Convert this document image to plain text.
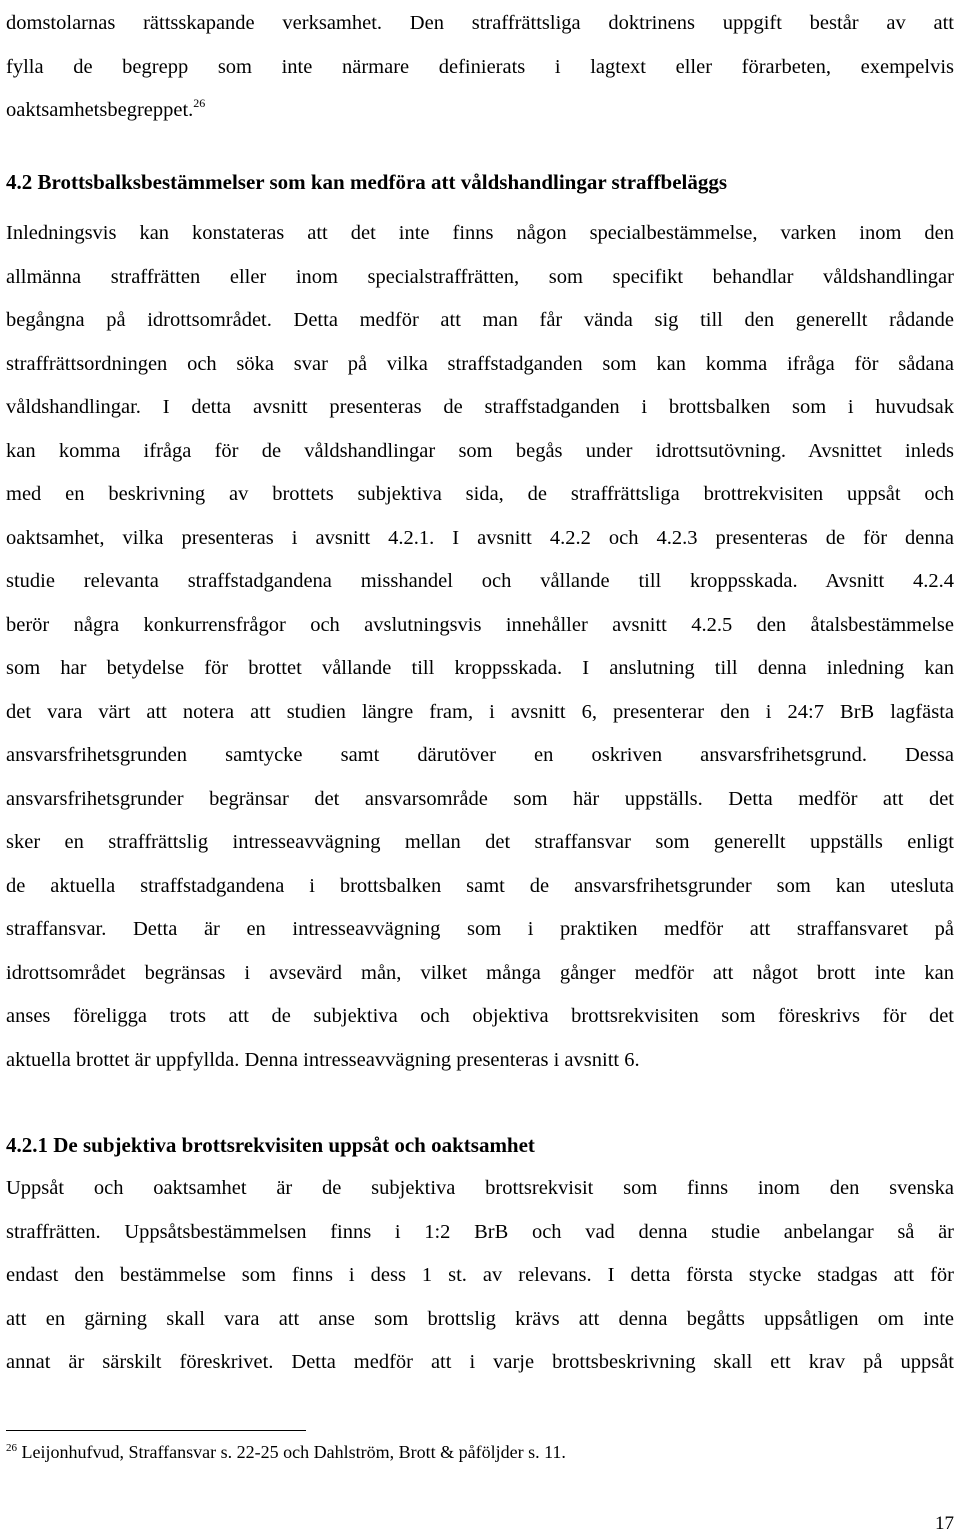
domstolarnas rättsskapande verksamhet. Den straffrättsliga doktrinens uppgift består av att
fylla de begrepp som inte närmare definierats i lagtext eller förarbeten, exempelvis
oaktsamhetsbegreppet.$^{26}$
4.2 Brottsbalksbestämmelser som kan medföra att våldshandlingar straffbeläggs
Inledningsvis kan konstateras att det inte finns någon specialbestämmelse, varken inom den
allmänna straffrätten eller inom specialstraffrätten, som specifikt behandlar våldshandlingar
begångna på idrottsområdet. Detta medför att man får vända sig till den generellt rådande
straffrättsordningen och söka svar på vilka straffstadganden som kan komma ifråga för sådana
våldshandlingar. I detta avsnitt presenteras de straffstadganden i brottsbalken som i huvudsak
kan komma ifråga för de våldshandlingar som begås under idrottsutövning. Avsnittet inleds
med en beskrivning av brottets subjektiva sida, de straffrättsliga brottrekvisiten uppsåt och
oaktsamhet, vilka presenteras i avsnitt 4.2.1. I avsnitt 4.2.2 och 4.2.3 presenteras de för denna
studie relevanta straffstadgandena misshandel och vållande till kroppsskada. Avsnitt 4.2.4
berör några konkurrensfrågor och avslutningsvis innehåller avsnitt 4.2.5 den åtalsbestämmelse
som har betydelse för brottet vållande till kroppsskada. I anslutning till denna inledning kan
det vara värt att notera att studien längre fram, i avsnitt 6, presenterar den i 24:7 BrB lagfästa
ansvarsfrihetsgrunden samtycke samt därutöver en oskriven ansvarsfrihetsgrund. Dessa
ansvarsfrihetsgrunder begränsar det ansvarsområde som här uppställs. Detta medför att det
sker en straffrättslig intresseavvägning mellan det straffansvar som generellt uppställs enligt
de aktuella straffstadgandena i brottsbalken samt de ansvarsfrihetsgrunder som kan utesluta
straffansvar. Detta är en intresseavvägning som i praktiken medför att straffansvaret på
idrottsområdet begränsas i avsevärd mån, vilket många gånger medför att något brott inte kan
anses föreligga trots att de subjektiva och objektiva brottsrekvisiten som föreskrivs för det
aktuella brottet är uppfyllda. Denna intresseavvägning presenteras i avsnitt 6.
4.2.1 De subjektiva brottsrekvisiten uppsåt och oaktsamhet
Uppsåt och oaktsamhet är de subjektiva brottsrekvisit som finns inom den svenska
straffrätten. Uppsåtsbestämmelsen finns i 1:2 BrB och vad denna studie anbelangar så är
endast den bestämmelse som finns i dess 1 st. av relevans. I detta första stycke stadgas att för
att en gärning skall vara att anse som brottslig krävs att denna begåtts uppsåtligen om inte
annat är särskilt föreskrivet. Detta medför att i varje brottsbeskrivning skall ett krav på uppsåt
$^{26}$ Leijonhufvud, Straffansvar s. 22-25 och Dahlström, Brott & påföljder s. 11.
17
